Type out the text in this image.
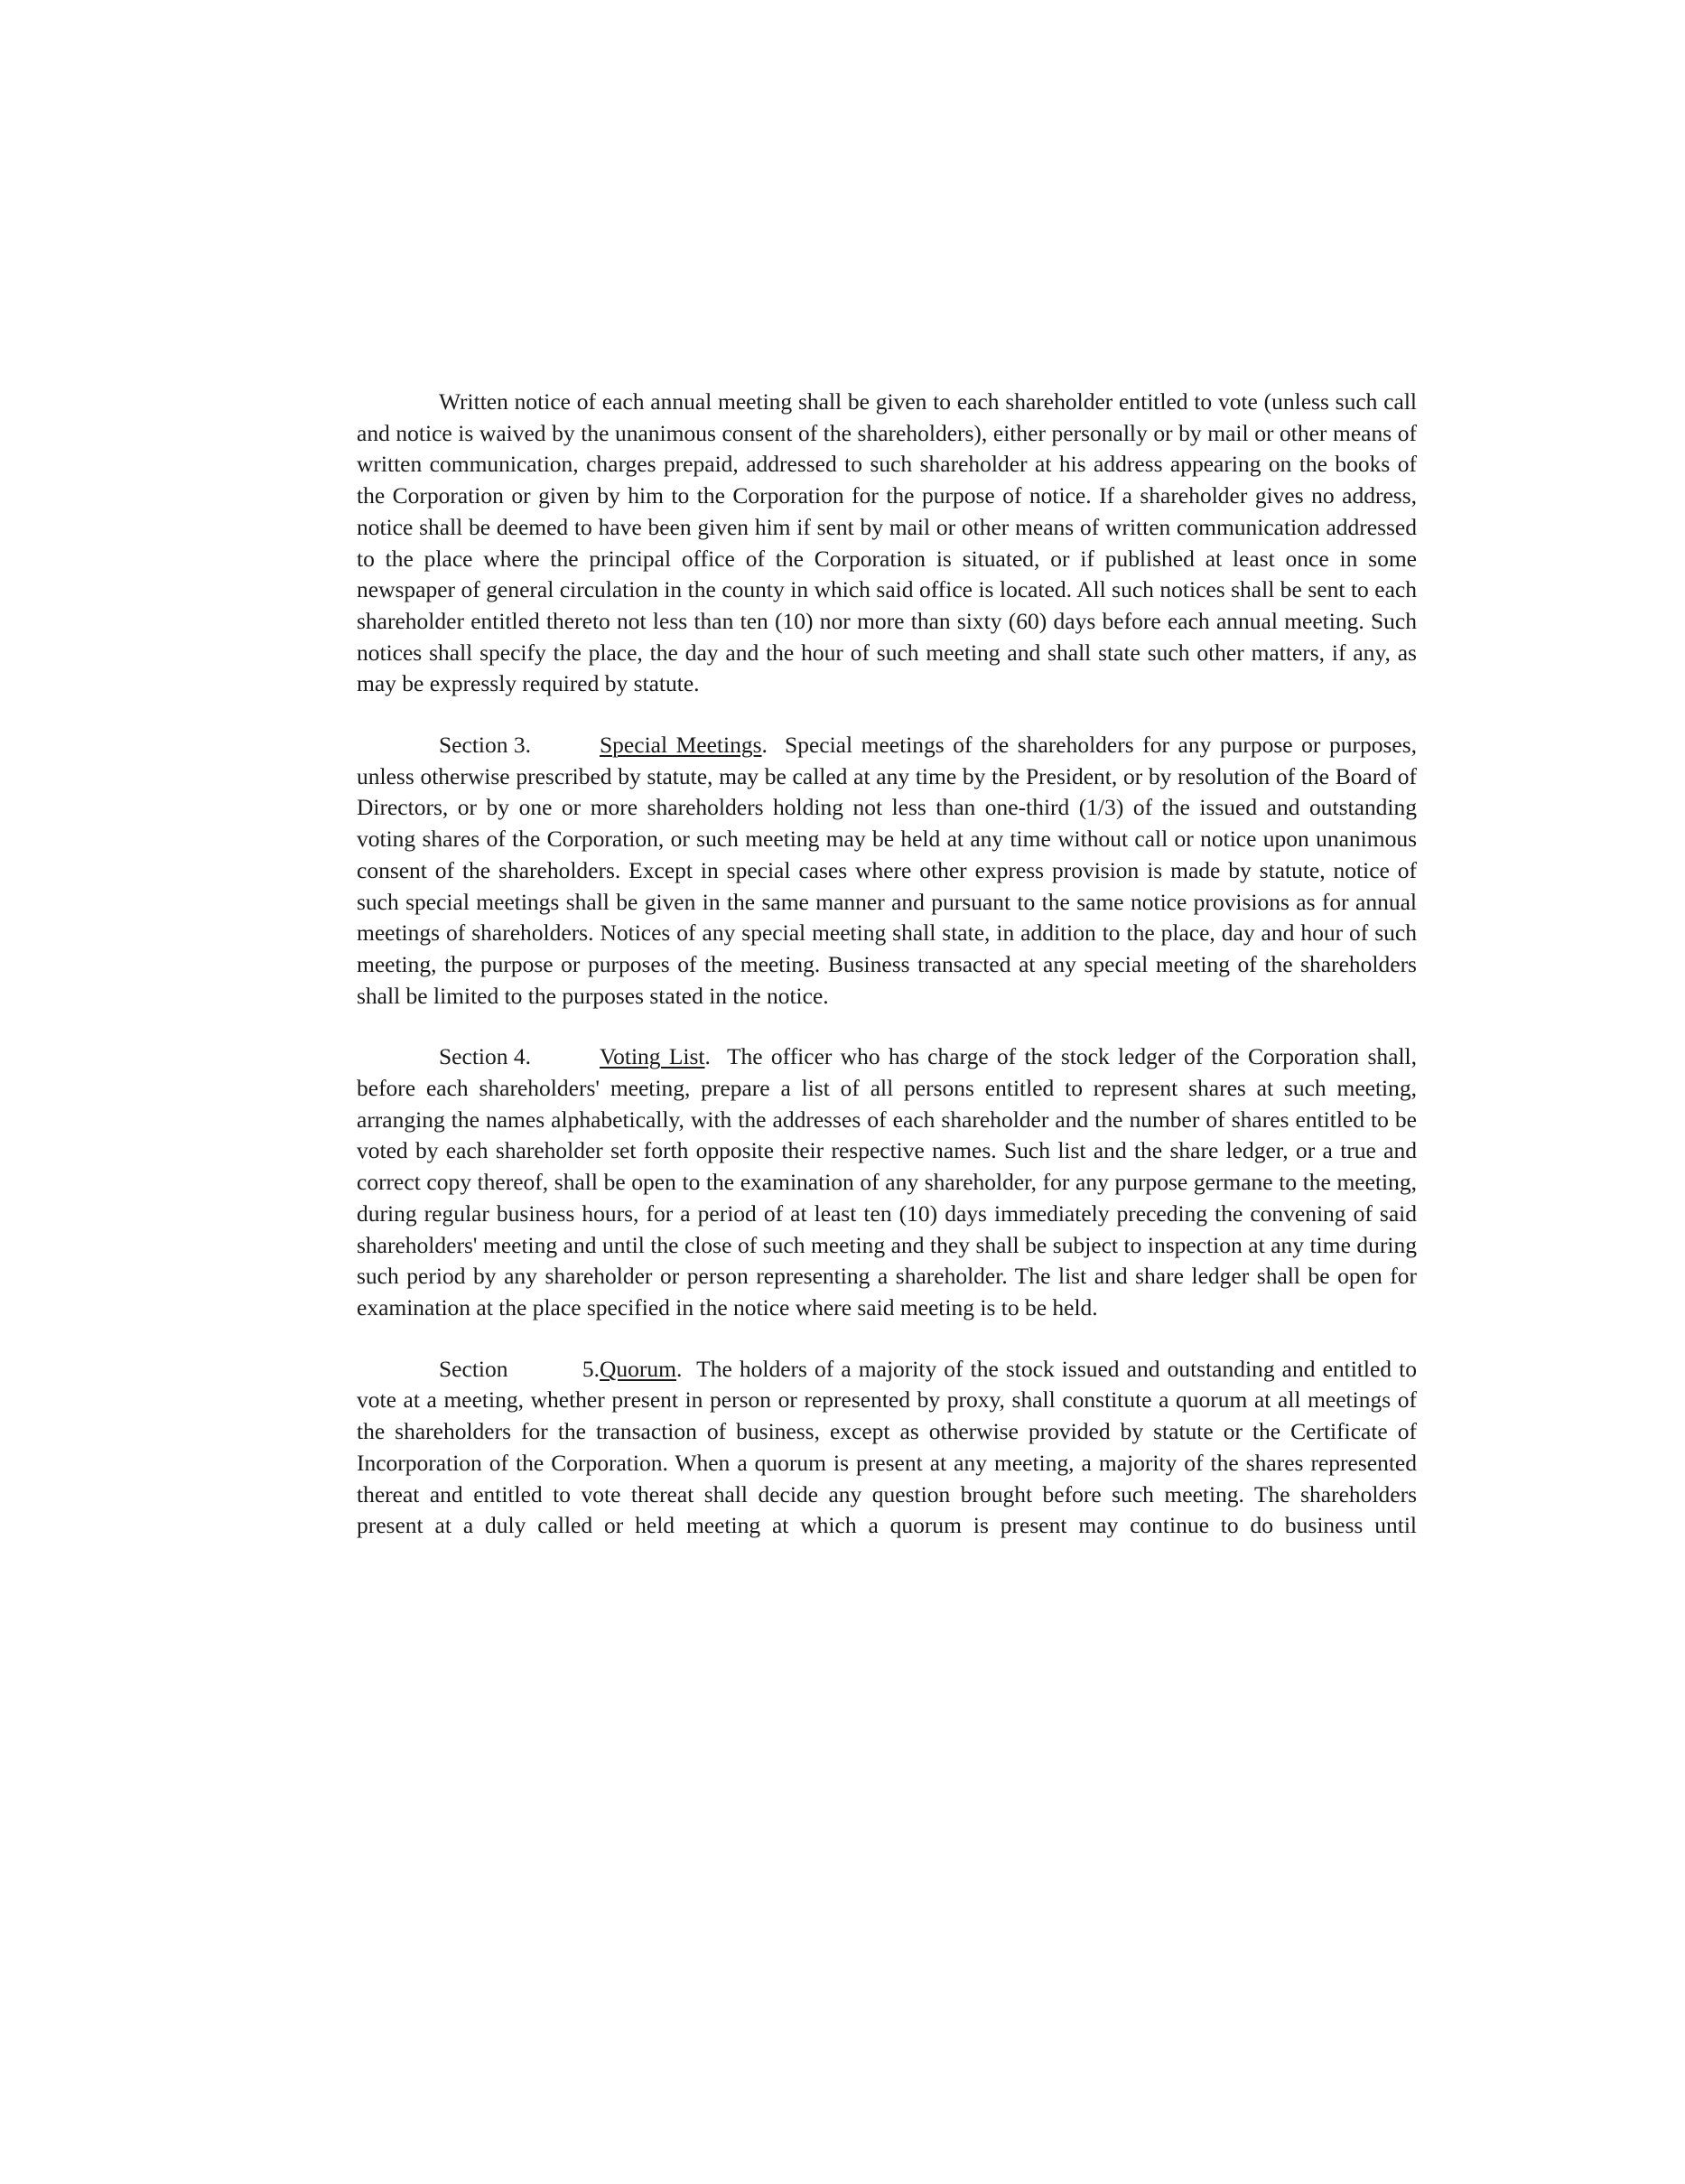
Written notice of each annual meeting shall be given to each shareholder entitled to vote (unless such call and notice is waived by the unanimous consent of the shareholders), either personally or by mail or other means of written communication, charges prepaid, addressed to such shareholder at his address appearing on the books of the Corporation or given by him to the Corporation for the purpose of notice. If a shareholder gives no address, notice shall be deemed to have been given him if sent by mail or other means of written communication addressed to the place where the principal office of the Corporation is situated, or if published at least once in some newspaper of general circulation in the county in which said office is located. All such notices shall be sent to each shareholder entitled thereto not less than ten (10) nor more than sixty (60) days before each annual meeting. Such notices shall specify the place, the day and the hour of such meeting and shall state such other matters, if any, as may be expressly required by statute.

Section 3.	Special Meetings.  Special meetings of the shareholders for any purpose or purposes, unless otherwise prescribed by statute, may be called at any time by the President, or by resolution of the Board of Directors, or by one or more shareholders holding not less than one-third (1/3) of the issued and outstanding voting shares of the Corporation, or such meeting may be held at any time without call or notice upon unanimous consent of the shareholders. Except in special cases where other express provision is made by statute, notice of such special meetings shall be given in the same manner and pursuant to the same notice provisions as for annual meetings of shareholders. Notices of any special meeting shall state, in addition to the place, day and hour of such meeting, the purpose or purposes of the meeting. Business transacted at any special meeting of the shareholders shall be limited to the purposes stated in the notice.

Section 4.	Voting List.  The officer who has charge of the stock ledger of the Corporation shall, before each shareholders' meeting, prepare a list of all persons entitled to represent shares at such meeting, arranging the names alphabetically, with the addresses of each shareholder and the number of shares entitled to be voted by each shareholder set forth opposite their respective names. Such list and the share ledger, or a true and correct copy thereof, shall be open to the examination of any shareholder, for any purpose germane to the meeting, during regular business hours, for a period of at least ten (10) days immediately preceding the convening of said shareholders' meeting and until the close of such meeting and they shall be subject to inspection at any time during such period by any shareholder or person representing a shareholder. The list and share ledger shall be open for examination at the place specified in the notice where said meeting is to be held.

Section 5.Quorum.  The holders of a majority of the stock issued and outstanding and entitled to vote at a meeting, whether present in person or represented by proxy, shall constitute a quorum at all meetings of the shareholders for the transaction of business, except as otherwise provided by statute or the Certificate of Incorporation of the Corporation. When a quorum is present at any meeting, a majority of the shares represented thereat and entitled to vote thereat shall decide any question brought before such meeting. The shareholders present at a duly called or held meeting at which a quorum is present may continue to do business until
